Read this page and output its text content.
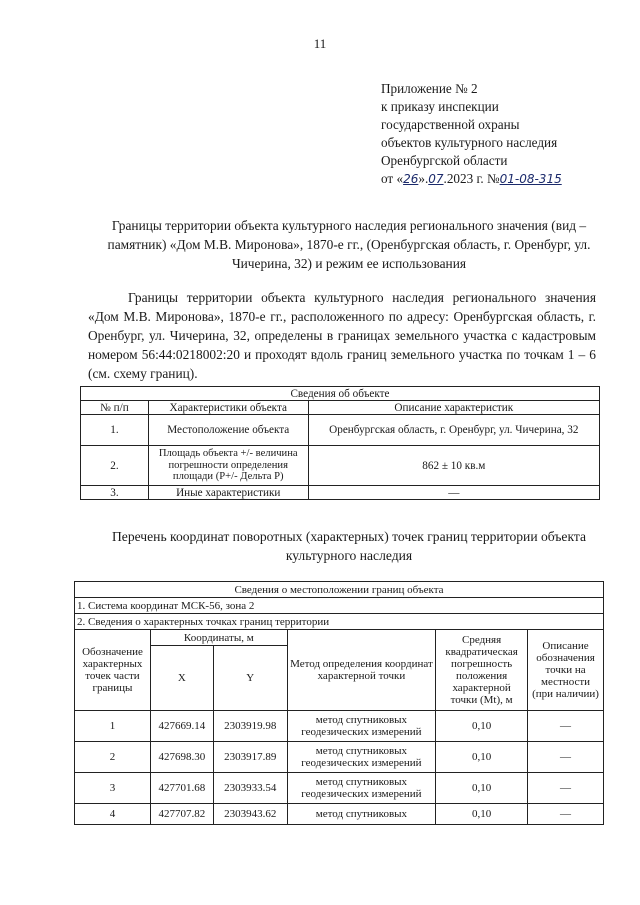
11
Приложение № 2
к приказу инспекции
государственной охраны
объектов культурного наследия
Оренбургской области
от «26».07.2023 г. №01-08-315
Границы территории объекта культурного наследия регионального значения (вид – памятник) «Дом М.В. Миронова», 1870-е гг., (Оренбургская область, г. Оренбург, ул. Чичерина, 32) и режим ее использования
Границы территории объекта культурного наследия регионального значения «Дом М.В. Миронова», 1870-е гг., расположенного по адресу: Оренбургская область, г. Оренбург, ул. Чичерина, 32, определены в границах земельного участка с кадастровым номером 56:44:0218002:20 и проходят вдоль границ земельного участка по точкам 1 – 6 (см. схему границ).
Сведения об объекте		
№ п/п	Характеристики объекта	Описание характеристик
1.	Местоположение объекта	Оренбургская область, г. Оренбург, ул. Чичерина, 32
2.	Площадь объекта +/- величина погрешности определения площади (Р+/- Дельта Р)	862 ± 10 кв.м
3.	Иные характеристики	—
Перечень координат поворотных (характерных) точек границ территории объекта культурного наследия
Сведения о местоположении границ объекта					
1. Система координат МСК-56, зона 2					
2. Сведения о характерных точках границ территории					
Обозначение характерных точек части границы	Координаты, м		Метод определения координат характерной точки	Средняя квадратическая погрешность положения характерной точки (Mt), м	Описание обозначения точки на местности (при наличии)
	X	Y			
1	427669.14	2303919.98	метод спутниковых геодезических измерений	0,10	—
2	427698.30	2303917.89	метод спутниковых геодезических измерений	0,10	—
3	427701.68	2303933.54	метод спутниковых геодезических измерений	0,10	—
4	427707.82	2303943.62	метод спутниковых	0,10	—
